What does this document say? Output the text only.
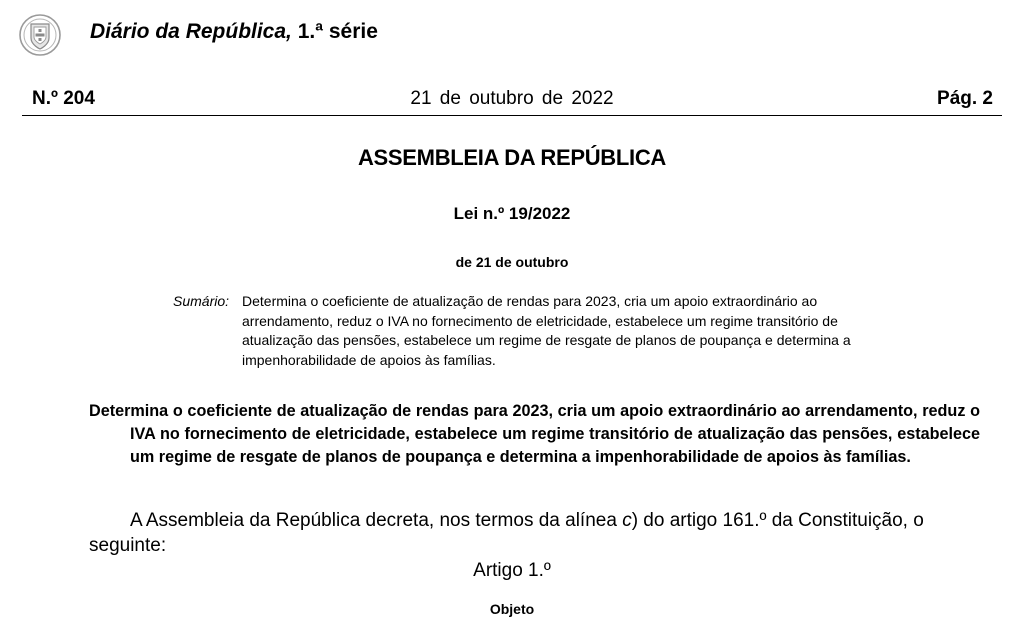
Diário da República, 1.ª série
N.º 204	21 de outubro de 2022	Pág. 2
ASSEMBLEIA DA REPÚBLICA
Lei n.º 19/2022
de 21 de outubro
Sumário: Determina o coeficiente de atualização de rendas para 2023, cria um apoio extraordinário ao arrendamento, reduz o IVA no fornecimento de eletricidade, estabelece um regime transitório de atualização das pensões, estabelece um regime de resgate de planos de poupança e determina a impenhorabilidade de apoios às famílias.
Determina o coeficiente de atualização de rendas para 2023, cria um apoio extraordinário ao arrendamento, reduz o IVA no fornecimento de eletricidade, estabelece um regime transitório de atualização das pensões, estabelece um regime de resgate de planos de poupança e determina a impenhorabilidade de apoios às famílias.
A Assembleia da República decreta, nos termos da alínea c) do artigo 161.º da Constituição, o seguinte:
Artigo 1.º
Objeto
